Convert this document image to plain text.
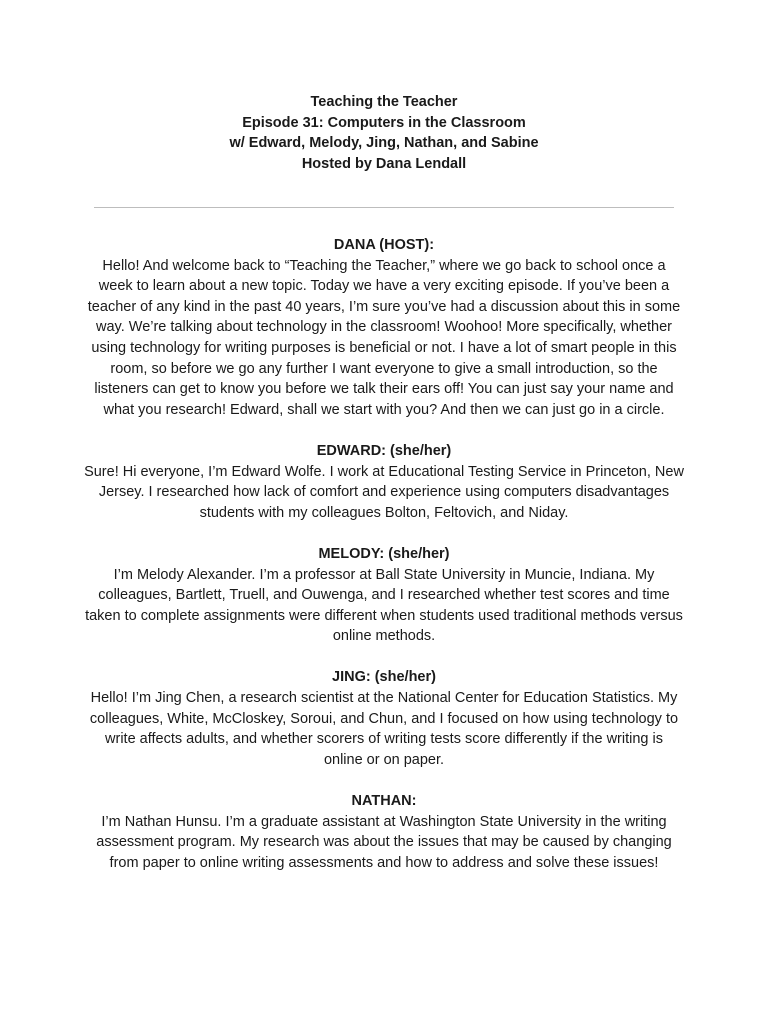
Teaching the Teacher
Episode 31: Computers in the Classroom
w/ Edward, Melody, Jing, Nathan, and Sabine
Hosted by Dana Lendall
DANA (HOST):

Hello! And welcome back to “Teaching the Teacher,” where we go back to school once a week to learn about a new topic. Today we have a very exciting episode. If you’ve been a teacher of any kind in the past 40 years, I’m sure you’ve had a discussion about this in some way. We’re talking about technology in the classroom! Woohoo! More specifically, whether using technology for writing purposes is beneficial or not. I have a lot of smart people in this room, so before we go any further I want everyone to give a small introduction, so the listeners can get to know you before we talk their ears off! You can just say your name and what you research! Edward, shall we start with you? And then we can just go in a circle.

EDWARD: (she/her)

Sure! Hi everyone, I’m Edward Wolfe. I work at Educational Testing Service in Princeton, New Jersey. I researched how lack of comfort and experience using computers disadvantages students with my colleagues Bolton, Feltovich, and Niday.

MELODY: (she/her)

I’m Melody Alexander. I’m a professor at Ball State University in Muncie, Indiana. My colleagues, Bartlett, Truell, and Ouwenga, and I researched whether test scores and time taken to complete assignments were different when students used traditional methods versus online methods.

JING: (she/her)

Hello! I’m Jing Chen, a research scientist at the National Center for Education Statistics. My colleagues, White, McCloskey, Soroui, and Chun, and I focused on how using technology to write affects adults, and whether scorers of writing tests score differently if the writing is online or on paper.

NATHAN:

I’m Nathan Hunsu. I’m a graduate assistant at Washington State University in the writing assessment program. My research was about the issues that may be caused by changing from paper to online writing assessments and how to address and solve these issues!
